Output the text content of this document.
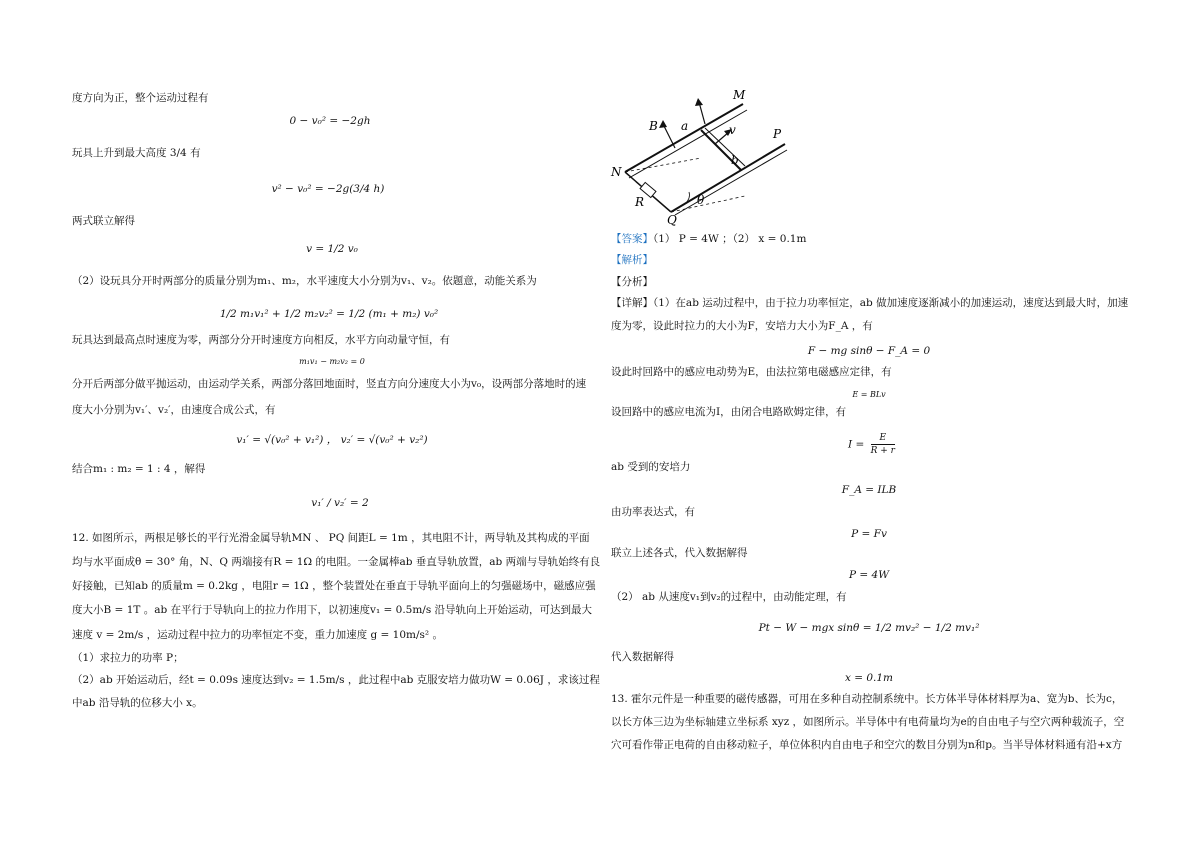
度方向为正，整个运动过程有
0 − v₀² = −2gh
玩具上升到最大高度 3/4 有
v² − v₀² = −2g(3/4 h)
两式联立解得
v = 1/2 v₀
（2）设玩具分开时两部分的质量分别为m₁、m₂，水平速度大小分别为v₁、v₂。依题意，动能关系为
1/2 m₁v₁² + 1/2 m₂v₂² = 1/2 (m₁ + m₂) v₀²
玩具达到最高点时速度为零，两部分分开时速度方向相反，水平方向动量守恒，有
m₁v₁ − m₂v₂ = 0
分开后两部分做平抛运动，由运动学关系，两部分落回地面时，竖直方向分速度大小为v₀，设两部分落地时的速
度大小分别为v₁′、v₂′，由速度合成公式，有
v₁′ = √(v₀² + v₁²) ， v₂′ = √(v₀² + v₂²)
结合m₁ : m₂ = 1 : 4 ，解得
v₁′ / v₂′ = 2
12. 如图所示，两根足够长的平行光滑金属导轨MN 、 PQ 间距L = 1m ，其电阻不计，两导轨及其构成的平面
均与水平面成θ = 30° 角，N、Q 两端接有R = 1Ω 的电阻。一金属棒ab 垂直导轨放置，ab 两端与导轨始终有良
好接触，已知ab 的质量m = 0.2kg ，电阻r = 1Ω ，整个装置处在垂直于导轨平面向上的匀强磁场中，磁感应强
度大小B = 1T 。ab 在平行于导轨向上的拉力作用下，以初速度v₁ = 0.5m/s 沿导轨向上开始运动，可达到最大
速度 v = 2m/s ，运动过程中拉力的功率恒定不变，重力加速度 g = 10m/s² 。
（1）求拉力的功率 P；
（2）ab 开始运动后，经t = 0.09s 速度达到v₂ = 1.5m/s ，此过程中ab 克服安培力做功W = 0.06J ，求该过程
中ab 沿导轨的位移大小 x。
M
B a	v	P
N
b
R	θ
Q
【答案】（1） P = 4W ；（2） x = 0.1m
【解析】
【分析】
【详解】（1）在ab 运动过程中，由于拉力功率恒定，ab 做加速度逐渐减小的加速运动，速度达到最大时，加速
度为零，设此时拉力的大小为F，安培力大小为F_A ，有
F − mg sinθ − F_A = 0
设此时回路中的感应电动势为E，由法拉第电磁感应定律，有
E = BLv
设回路中的感应电流为I，由闭合电路欧姆定律，有
$I = \frac{E}{R + r}$
ab 受到的安培力
F_A = ILB
由功率表达式，有
P = Fv
联立上述各式，代入数据解得
P = 4W
（2） ab 从速度v₁到v₂的过程中，由动能定理，有
Pt − W − mgx sinθ = 1/2 mv₂² − 1/2 mv₁²
代入数据解得
x = 0.1m
13. 霍尔元件是一种重要的磁传感器，可用在多种自动控制系统中。长方体半导体材料厚为a、宽为b、长为c，
以长方体三边为坐标轴建立坐标系 xyz ，如图所示。半导体中有电荷量均为e的自由电子与空穴两种载流子，空
穴可看作带正电荷的自由移动粒子，单位体积内自由电子和空穴的数目分别为n和p。当半导体材料通有沿+x方
